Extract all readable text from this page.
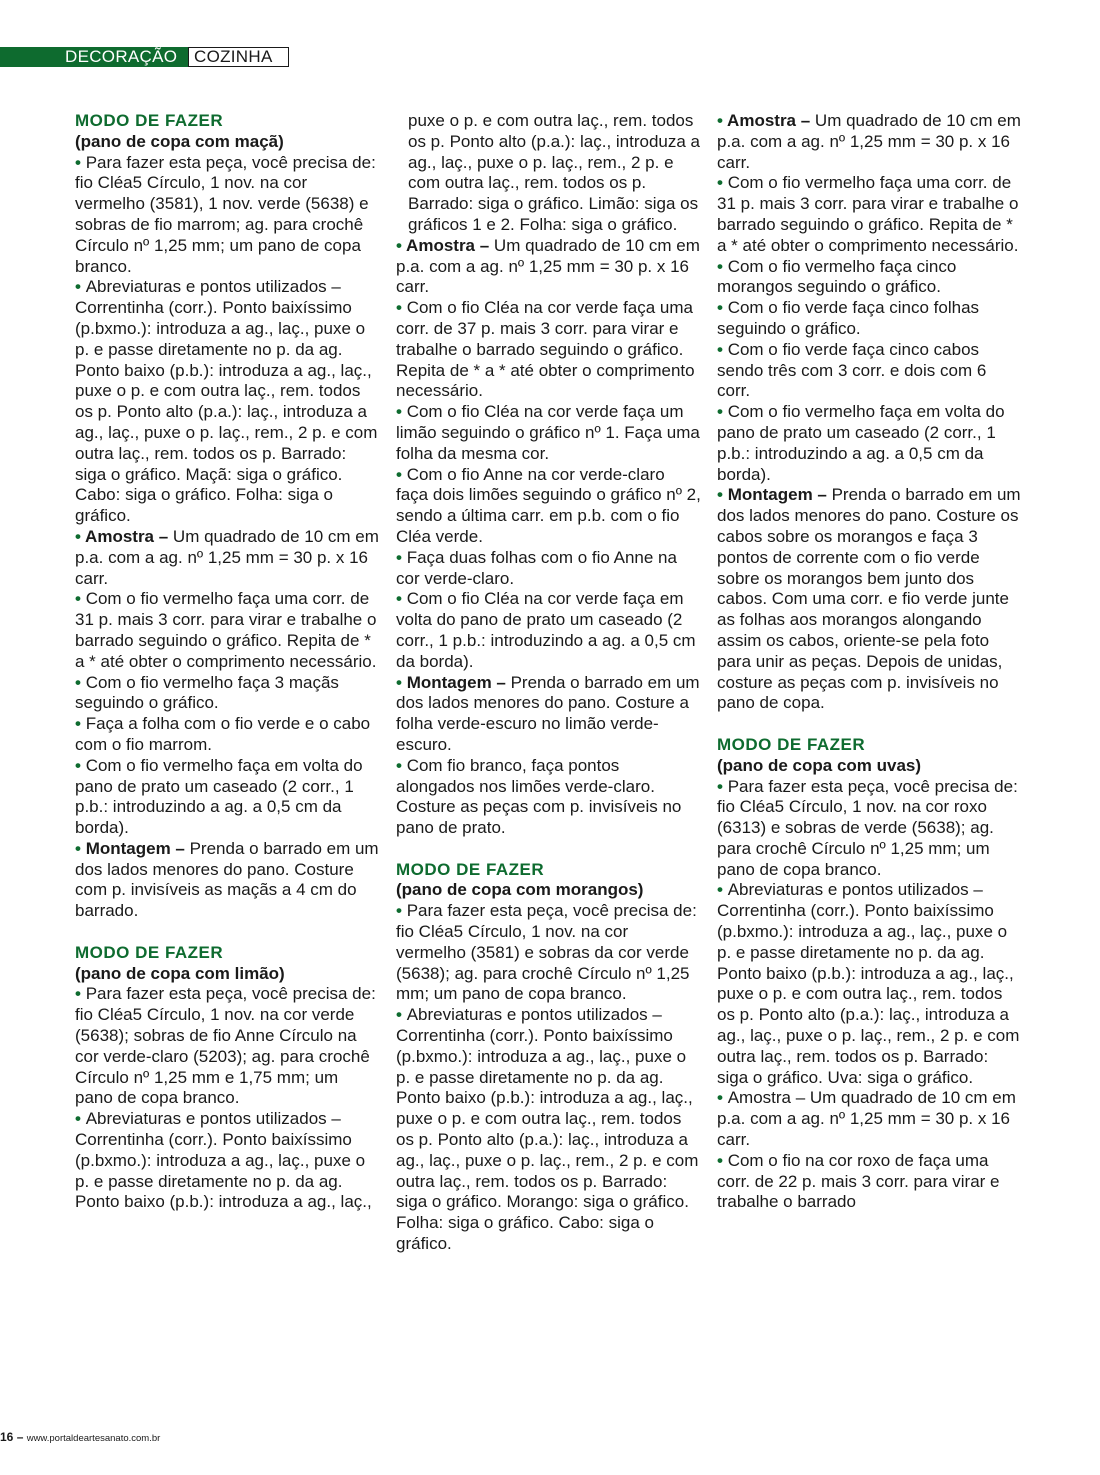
DECORAÇÃO COZINHA
MODO DE FAZER
(pano de copa com maçã)
• Para fazer esta peça, você precisa de: fio Cléa5 Círculo, 1 nov. na cor vermelho (3581), 1 nov. verde (5638) e sobras de fio marrom; ag. para crochê Círculo nº 1,25 mm; um pano de copa branco.
• Abreviaturas e pontos utilizados – Correntinha (corr.). Ponto baixíssimo (p.bxmo.): introduza a ag., laç., puxe o p. e passe diretamente no p. da ag. Ponto baixo (p.b.): introduza a ag., laç., puxe o p. e com outra laç., rem. todos os p. Ponto alto (p.a.): laç., introduza a ag., laç., puxe o p. laç., rem., 2 p. e com outra laç., rem. todos os p. Barrado: siga o gráfico. Maçã: siga o gráfico. Cabo: siga o gráfico. Folha: siga o gráfico.
• Amostra – Um quadrado de 10 cm em p.a. com a ag. nº 1,25 mm = 30 p. x 16 carr.
• Com o fio vermelho faça uma corr. de 31 p. mais 3 corr. para virar e trabalhe o barrado seguindo o gráfico. Repita de * a * até obter o comprimento necessário.
• Com o fio vermelho faça 3 maçãs seguindo o gráfico.
• Faça a folha com o fio verde e o cabo com o fio marrom.
• Com o fio vermelho faça em volta do pano de prato um caseado (2 corr., 1 p.b.: introduzindo a ag. a 0,5 cm da borda).
• Montagem – Prenda o barrado em um dos lados menores do pano. Costure com p. invisíveis as maçãs a 4 cm do barrado.
MODO DE FAZER
(pano de copa com limão)
• Para fazer esta peça, você precisa de: fio Cléa5 Círculo, 1 nov. na cor verde (5638); sobras de fio Anne Círculo na cor verde-claro (5203); ag. para crochê Círculo nº 1,25 mm e 1,75 mm; um pano de copa branco.
• Abreviaturas e pontos utilizados – Correntinha (corr.). Ponto baixíssimo (p.bxmo.): introduza a ag., laç., puxe o p. e passe diretamente no p. da ag. Ponto baixo (p.b.): introduza a ag., laç.,
puxe o p. e com outra laç., rem. todos os p. Ponto alto (p.a.): laç., introduza a ag., laç., puxe o p. laç., rem., 2 p. e com outra laç., rem. todos os p. Barrado: siga o gráfico. Limão: siga os gráficos 1 e 2. Folha: siga o gráfico.
• Amostra – Um quadrado de 10 cm em p.a. com a ag. nº 1,25 mm = 30 p. x 16 carr.
• Com o fio Cléa na cor verde faça uma corr. de 37 p. mais 3 corr. para virar e trabalhe o barrado seguindo o gráfico. Repita de * a * até obter o comprimento necessário.
• Com o fio Cléa na cor verde faça um limão seguindo o gráfico nº 1. Faça uma folha da mesma cor.
• Com o fio Anne na cor verde-claro faça dois limões seguindo o gráfico nº 2, sendo a última carr. em p.b. com o fio Cléa verde.
• Faça duas folhas com o fio Anne na cor verde-claro.
• Com o fio Cléa na cor verde faça em volta do pano de prato um caseado (2 corr., 1 p.b.: introduzindo a ag. a 0,5 cm da borda).
• Montagem – Prenda o barrado em um dos lados menores do pano. Costure a folha verde-escuro no limão verde-escuro.
• Com fio branco, faça pontos alongados nos limões verde-claro. Costure as peças com p. invisíveis no pano de prato.
MODO DE FAZER
(pano de copa com morangos)
• Para fazer esta peça, você precisa de: fio Cléa5 Círculo, 1 nov. na cor vermelho (3581) e sobras da cor verde (5638); ag. para crochê Círculo nº 1,25 mm; um pano de copa branco.
• Abreviaturas e pontos utilizados – Correntinha (corr.). Ponto baixíssimo (p.bxmo.): introduza a ag., laç., puxe o p. e passe diretamente no p. da ag. Ponto baixo (p.b.): introduza a ag., laç., puxe o p. e com outra laç., rem. todos os p. Ponto alto (p.a.): laç., introduza a ag., laç., puxe o p. laç., rem., 2 p. e com outra laç., rem. todos os p. Barrado: siga o gráfico. Morango: siga o gráfico. Folha: siga o gráfico. Cabo: siga o gráfico.
• Amostra – Um quadrado de 10 cm em p.a. com a ag. nº 1,25 mm = 30 p. x 16 carr.
• Com o fio vermelho faça uma corr. de 31 p. mais 3 corr. para virar e trabalhe o barrado seguindo o gráfico. Repita de * a * até obter o comprimento necessário.
• Com o fio vermelho faça cinco morangos seguindo o gráfico.
• Com o fio verde faça cinco folhas seguindo o gráfico.
• Com o fio verde faça cinco cabos sendo três com 3 corr. e dois com 6 corr.
• Com o fio vermelho faça em volta do pano de prato um caseado (2 corr., 1 p.b.: introduzindo a ag. a 0,5 cm da borda).
• Montagem – Prenda o barrado em um dos lados menores do pano. Costure os cabos sobre os morangos e faça 3 pontos de corrente com o fio verde sobre os morangos bem junto dos cabos. Com uma corr. e fio verde junte as folhas aos morangos alongando assim os cabos, oriente-se pela foto para unir as peças. Depois de unidas, costure as peças com p. invisíveis no pano de copa.
MODO DE FAZER
(pano de copa com uvas)
• Para fazer esta peça, você precisa de: fio Cléa5 Círculo, 1 nov. na cor roxo (6313) e sobras de verde (5638); ag. para crochê Círculo nº 1,25 mm; um pano de copa branco.
• Abreviaturas e pontos utilizados – Correntinha (corr.). Ponto baixíssimo (p.bxmo.): introduza a ag., laç., puxe o p. e passe diretamente no p. da ag. Ponto baixo (p.b.): introduza a ag., laç., puxe o p. e com outra laç., rem. todos os p. Ponto alto (p.a.): laç., introduza a ag., laç., puxe o p. laç., rem., 2 p. e com outra laç., rem. todos os p. Barrado: siga o gráfico. Uva: siga o gráfico.
• Amostra – Um quadrado de 10 cm em p.a. com a ag. nº 1,25 mm = 30 p. x 16 carr.
• Com o fio na cor roxo de faça uma corr. de 22 p. mais 3 corr. para virar e trabalhe o barrado
16 – www.portaldeartesanato.com.br
